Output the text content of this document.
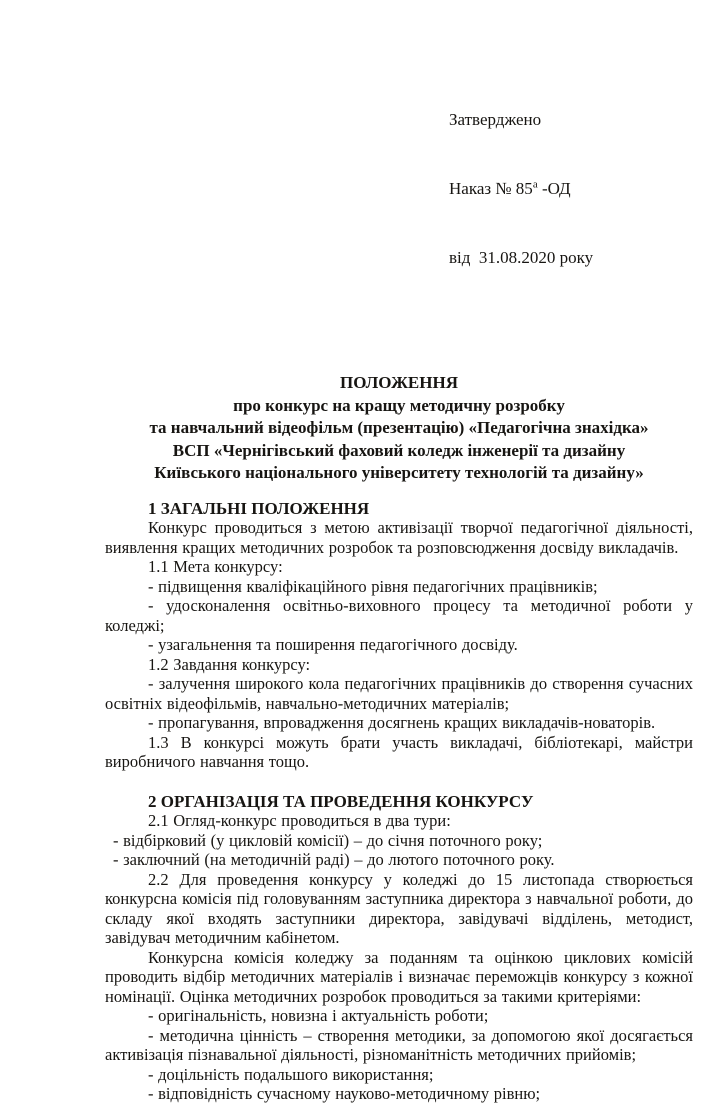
Затверджено

Наказ № $85^а$ -ОД

від  31.08.2020 року

ПОЛОЖЕННЯ
про конкурс на кращу методичну розробку
та навчальний відеофільм (презентацію) «Педагогічна знахідка»
ВСП «Чернігівський фаховий коледж інженерії та дизайну
Київського національного університету технологій та дизайну»
1 ЗАГАЛЬНІ ПОЛОЖЕННЯ

Конкурс проводиться з метою активізації творчої педагогічної діяльності, виявлення кращих методичних розробок та розповсюдження досвіду викладачів.

1.1 Мета конкурсу:

- підвищення кваліфікаційного рівня педагогічних працівників;

- удосконалення освітньо-виховного процесу та методичної роботи у коледжі;

- узагальнення та поширення педагогічного досвіду.

1.2 Завдання конкурсу:

- залучення широкого кола педагогічних працівників до створення сучасних освітніх відеофільмів, навчально-методичних матеріалів;

- пропагування, впровадження досягнень кращих викладачів-новаторів.

1.3 В конкурсі можуть брати участь викладачі, бібліотекарі, майстри виробничого навчання тощо.

2 ОРГАНІЗАЦІЯ ТА ПРОВЕДЕННЯ КОНКУРСУ

2.1 Огляд-конкурс проводиться в два тури:

- відбірковий (у цикловій комісії) – до січня поточного року;

- заключний (на методичній раді) – до лютого поточного року.

2.2 Для проведення конкурсу у коледжі до 15 листопада створюється конкурсна комісія під головуванням заступника директора з навчальної роботи, до складу якої входять заступники директора, завідувачі відділень, методист, завідувач методичним кабінетом.

Конкурсна комісія коледжу за поданням та оцінкою циклових комісій проводить відбір методичних матеріалів і визначає переможців конкурсу з кожної номінації. Оцінка методичних розробок проводиться за такими критеріями:

- оригінальність, новизна і актуальність роботи;

- методична цінність – створення методики, за допомогою якої досягається активізація пізнавальної діяльності, різноманітність методичних прийомів;

- доцільність подальшого використання;

- відповідність сучасному науково-методичному рівню;
